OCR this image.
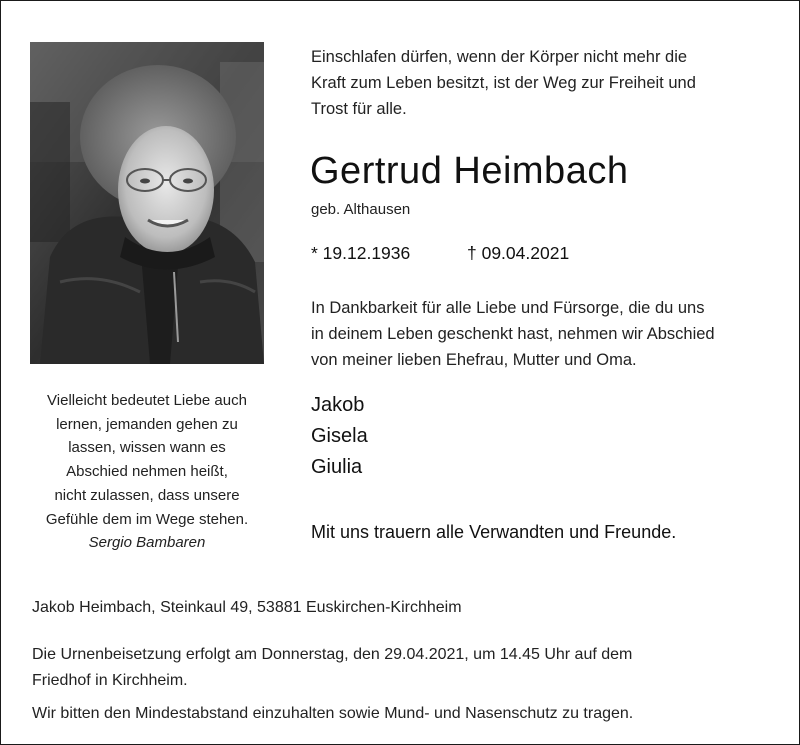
Vielleicht bedeutet Liebe auch
lernen, jemanden gehen zu
lassen, wissen wann es
Abschied nehmen heißt,
nicht zulassen, dass unsere
Gefühle dem im Wege stehen.
Sergio Bambaren
Einschlafen dürfen, wenn der Körper nicht mehr die
Kraft zum Leben besitzt, ist der Weg zur Freiheit und
Trost für alle.
Gertrud Heimbach
geb. Althausen
* 19.12.1936	† 09.04.2021
In Dankbarkeit für alle Liebe und Fürsorge, die du uns
in deinem Leben geschenkt hast, nehmen wir Abschied
von meiner lieben Ehefrau, Mutter und Oma.
Jakob
Gisela
Giulia
Mit uns trauern alle Verwandten und Freunde.
Jakob Heimbach, Steinkaul 49, 53881 Euskirchen-Kirchheim
Die Urnenbeisetzung erfolgt am Donnerstag, den 29.04.2021, um 14.45 Uhr auf dem
Friedhof in Kirchheim.
Wir bitten den Mindestabstand einzuhalten sowie Mund- und Nasenschutz zu tragen.
